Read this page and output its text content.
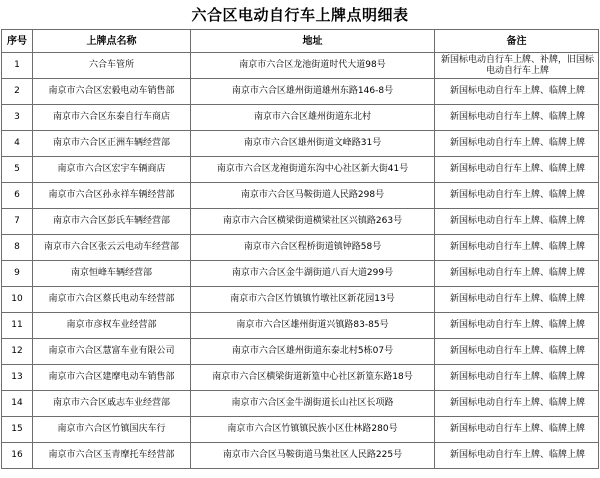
六合区电动自行车上牌点明细表
序号	上牌点名称	地址	备注
1	六合车管所	南京市六合区龙池街道时代大道98号	新国标电动自行车上牌、补牌，旧国标电动自行车上牌
2	南京市六合区宏毅电动车销售部	南京市六合区雄州街道雄州东路146-8号	新国标电动自行车上牌、临牌上牌
3	南京市六合区东泰自行车商店	南京市六合区雄州街道东北村	新国标电动自行车上牌、临牌上牌
4	南京市六合区正洲车辆经营部	南京市六合区雄州街道文峰路31号	新国标电动自行车上牌、临牌上牌
5	南京市六合区宏宇车辆商店	南京市六合区龙袍街道东沟中心社区新大街41号	新国标电动自行车上牌、临牌上牌
6	南京市六合区孙永祥车辆经营部	南京市六合区马鞍街道人民路298号	新国标电动自行车上牌、临牌上牌
7	南京市六合区彭氏车辆经营部	南京市六合区横梁街道横梁社区兴镇路263号	新国标电动自行车上牌、临牌上牌
8	南京市六合区张云云电动车经营部	南京市六合区程桥街道镇钟路58号	新国标电动自行车上牌、临牌上牌
9	南京恒峰车辆经营部	南京市六合区金牛湖街道八百大道299号	新国标电动自行车上牌、临牌上牌
10	南京市六合区蔡氏电动车经营部	南京市六合区竹镇镇竹墩社区新花园13号	新国标电动自行车上牌、临牌上牌
11	南京市彦权车业经营部	南京市六合区雄州街道兴镇路83-85号	新国标电动自行车上牌、临牌上牌
12	南京市六合区慧富车业有限公司	南京市六合区雄州街道东泰北村5栋07号	新国标电动自行车上牌、临牌上牌
13	南京市六合区建摩电动车销售部	南京市六合区横梁街道新篁中心社区新篁东路18号	新国标电动自行车上牌、临牌上牌
14	南京市六合区戚志车业经营部	南京市六合区金牛湖街道长山社区长项路	新国标电动自行车上牌、临牌上牌
15	南京市六合区竹镇国庆车行	南京市六合区竹镇镇民族小区仕林路280号	新国标电动自行车上牌、临牌上牌
16	南京市六合区玉青摩托车经营部	南京市六合区马鞍街道马集社区人民路225号	新国标电动自行车上牌、临牌上牌
